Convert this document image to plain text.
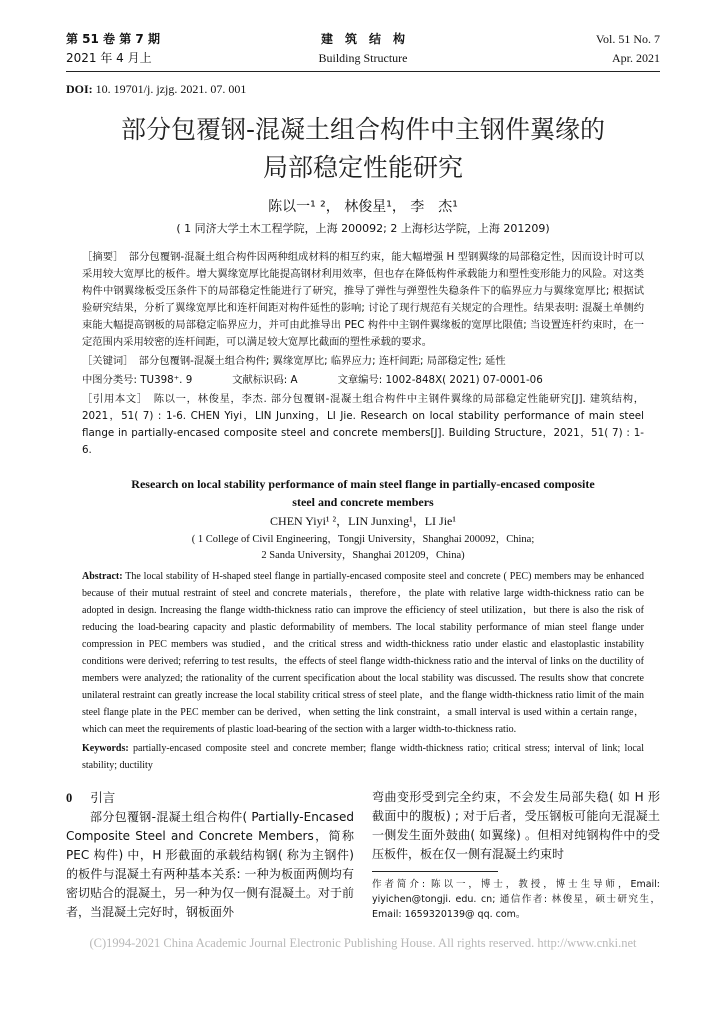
第 51 卷 第 7 期	建　筑　结　构	Vol. 51 No. 7
2021 年 4 月上	Building Structure	Apr. 2021
DOI: 10. 19701/j. jzjg. 2021. 07. 001
部分包覆钢-混凝土组合构件中主钢件翼缘的
局部稳定性能研究
陈以一¹ ²， 林俊星¹， 李　杰¹
( 1 同济大学土木工程学院，上海 200092; 2 上海杉达学院，上海 201209)
［摘要］　 部分包覆钢-混凝土组合构件因两种组成材料的相互约束，能大幅增强 H 型钢翼缘的局部稳定性，因而设计时可以采用较大宽厚比的板件。增大翼缘宽厚比能提高钢材利用效率，但也存在降低构件承载能力和塑性变形能力的风险。对这类构件中钢翼缘板受压条件下的局部稳定性能进行了研究，推导了弹性与弹塑性失稳条件下的临界应力与翼缘宽厚比; 根据试验研究结果，分析了翼缘宽厚比和连杆间距对构件延性的影响; 讨论了现行规范有关规定的合理性。结果表明: 混凝土单侧约束能大幅提高钢板的局部稳定临界应力，并可由此推导出 PEC 构件中主钢件翼缘板的宽厚比限值; 当设置连杆约束时，在一定范围内采用较密的连杆间距，可以满足较大宽厚比截面的塑性承载的要求。
［关键词］　 部分包覆钢-混凝土组合构件; 翼缘宽厚比; 临界应力; 连杆间距; 局部稳定性; 延性
中图分类号: TU398⁺. 9	文献标识码: A	文章编号: 1002-848X( 2021) 07-0001-06
［引用本文］　 陈以一，林俊星，李杰. 部分包覆钢-混凝土组合构件中主钢件翼缘的局部稳定性能研究[J]. 建筑结构，2021，51( 7) : 1-6. CHEN Yiyi，LIN Junxing，LI Jie. Research on local stability performance of main steel flange in partially-encased composite steel and concrete members[J]. Building Structure，2021，51( 7) : 1-6.
Research on local stability performance of main steel flange in partially-encased composite
steel and concrete members
CHEN Yiyi¹ ²，LIN Junxing¹，LI Jie¹
( 1 College of Civil Engineering，Tongji University，Shanghai 200092，China;
2 Sanda University，Shanghai 201209，China)
Abstract: The local stability of H-shaped steel flange in partially-encased composite steel and concrete ( PEC) members may be enhanced because of their mutual restraint of steel and concrete materials，therefore，the plate with relative large width-thickness ratio can be adopted in design. Increasing the flange width-thickness ratio can improve the efficiency of steel utilization，but there is also the risk of reducing the load-bearing capacity and plastic deformability of members. The local stability performance of mian steel flange under compression in PEC members was studied，and the critical stress and width-thickness ratio under elastic and elastoplastic instability conditions were derived; referring to test results，the effects of steel flange width-thickness ratio and the interval of links on the ductility of members were analyzed; the rationality of the current specification about the local stability was discussed. The results show that concrete unilateral restraint can greatly increase the local stability critical stress of steel plate，and the flange width-thickness ratio limit of the main steel flange plate in the PEC member can be derived，when setting the link constraint，a small interval is used within a certain range，which can meet the requirements of plastic load-bearing of the section with a larger width-to-thickness ratio.
Keywords: partially-encased composite steel and concrete member; flange width-thickness ratio; critical stress; interval of link; local stability; ductility
0 引言
部分包覆钢-混凝土组合构件( Partially-Encased Composite Steel and Concrete Members，简称 PEC 构件) 中，H 形截面的承载结构钢( 称为主钢件) 的板件与混凝土有两种基本关系: 一种为板面两侧均有密切贴合的混凝土，另一种为仅一侧有混凝土。对于前者，当混凝土完好时，钢板面外
弯曲变形受到完全约束，不会发生局部失稳( 如 H 形截面中的腹板) ; 对于后者，受压钢板可能向无混凝土一侧发生面外鼓曲( 如翼缘) 。但相对纯钢构件中的受压板件，板在仅一侧有混凝土约束时
作者简介: 陈以一，博士，教授，博士生导师，Email: yiyichen@tongji. edu. cn; 通信作者: 林俊星，硕士研究生，Email: 1659320139@ qq. com。
(C)1994-2021 China Academic Journal Electronic Publishing House. All rights reserved. http://www.cnki.net
